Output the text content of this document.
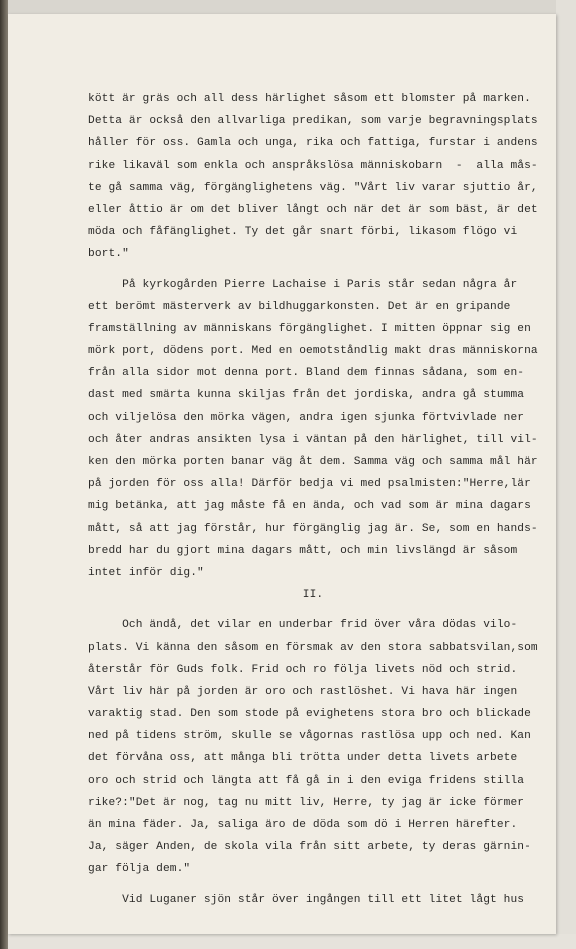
kött är gräs och all dess härlighet såsom ett blomster på marken.
Detta är också den allvarliga predikan, som varje begravningsplats
håller för oss. Gamla och unga, rika och fattiga, furstar i andens
rike likaväl som enkla och anspråkslösa människobarn  -  alla mås-
te gå samma väg, förgänglighetens väg. "Vårt liv varar sjuttio år,
eller åttio är om det bliver långt och när det är som bäst, är det
möda och fåfänglighet. Ty det går snart förbi, likasom flögo vi
bort."
På kyrkogården Pierre Lachaise i Paris står sedan några år
ett berömt mästerverk av bildhuggarkonsten. Det är en gripande
framställning av människans förgänglighet. I mitten öppnar sig en
mörk port, dödens port. Med en oemotståndlig makt dras människorna
från alla sidor mot denna port. Bland dem finnas sådana, som en-
dast med smärta kunna skiljas från det jordiska, andra gå stumma
och viljelösa den mörka vägen, andra igen sjunka förtvivlade ner
och åter andras ansikten lysa i väntan på den härlighet, till vil-
ken den mörka porten banar väg åt dem. Samma väg och samma mål här
på jorden för oss alla! Därför bedja vi med psalmisten:"Herre,lär
mig betänka, att jag måste få en ända, och vad som är mina dagars
mått, så att jag förstår, hur förgänglig jag är. Se, som en hands-
bredd har du gjort mina dagars mått, och min livslängd är såsom
intet inför dig."
II.
Och ändå, det vilar en underbar frid över våra dödas vilo-
plats. Vi känna den såsom en försmak av den stora sabbatsvilan,som
återstår för Guds folk. Frid och ro följa livets nöd och strid.
Vårt liv här på jorden är oro och rastlöshet. Vi hava här ingen
varaktig stad. Den som stode på evighetens stora bro och blickade
ned på tidens ström, skulle se vågornas rastlösa upp och ned. Kan
det förvåna oss, att många bli trötta under detta livets arbete
oro och strid och längta att få gå in i den eviga fridens stilla
rike?:"Det är nog, tag nu mitt liv, Herre, ty jag är icke förmer
än mina fäder. Ja, saliga äro de döda som dö i Herren härefter.
Ja, säger Anden, de skola vila från sitt arbete, ty deras gärnin-
gar följa dem."
Vid Luganer sjön står över ingången till ett litet lågt hus
